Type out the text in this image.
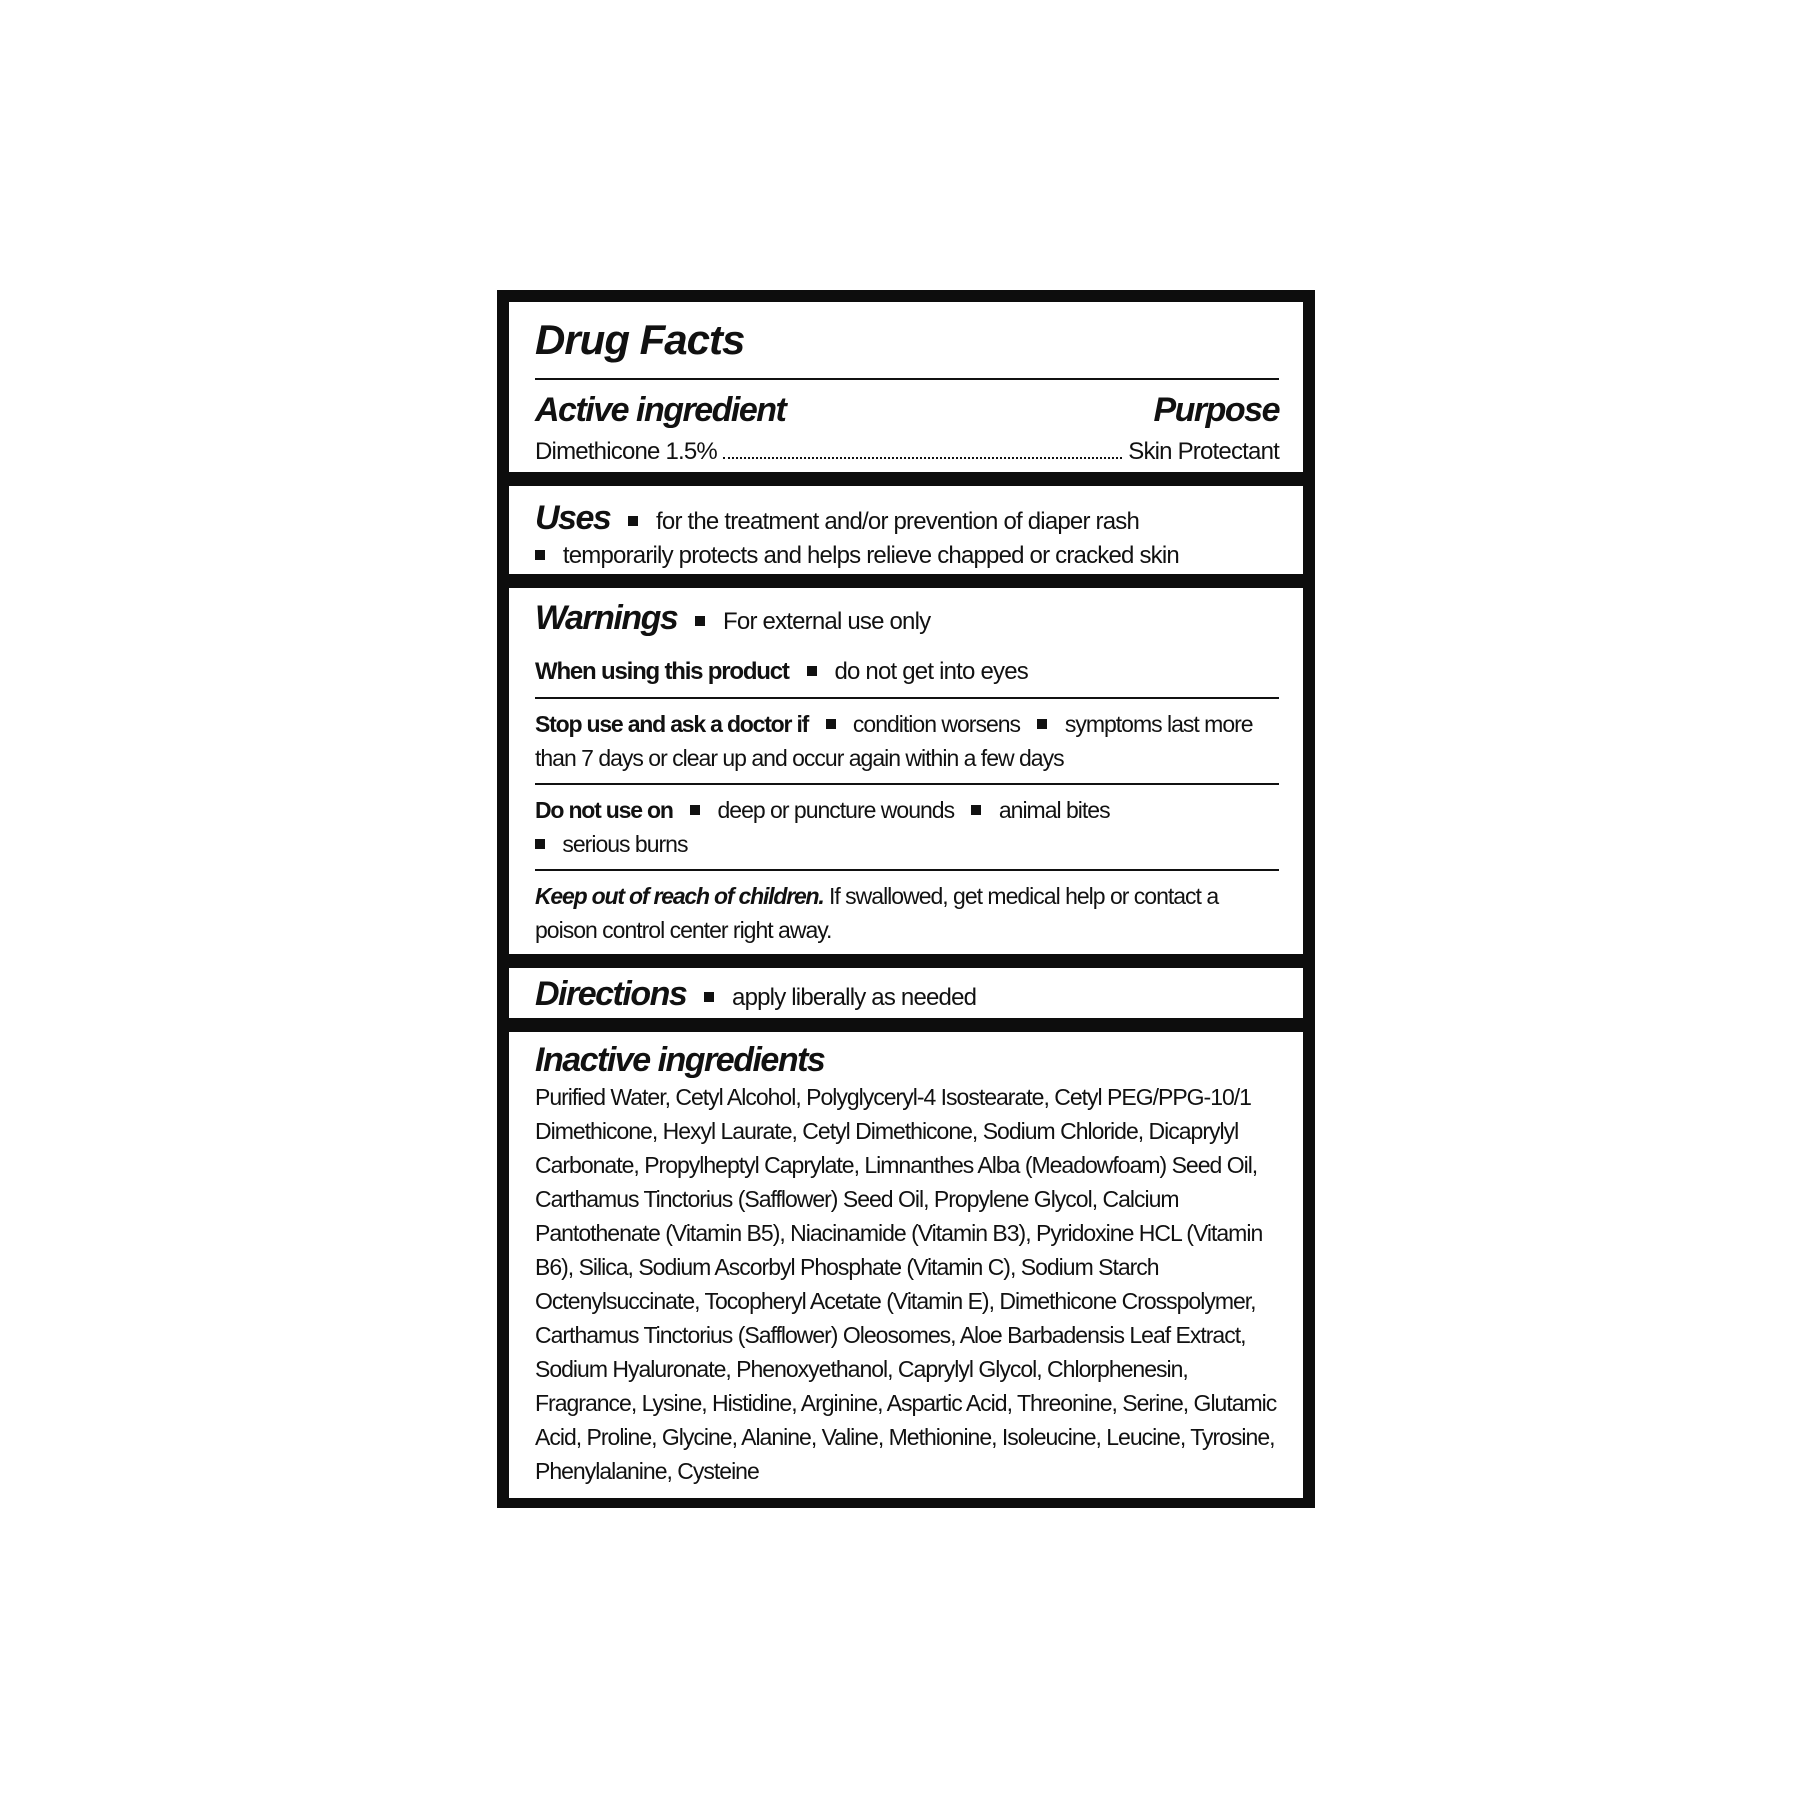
Drug Facts
Active ingredient	Purpose
Dimethicone 1.5%	Skin Protectant
Uses for the treatment and/or prevention of diaper rash
temporarily protects and helps relieve chapped or cracked skin
Warnings For external use only
When using this product do not get into eyes
Stop use and ask a doctor if condition worsens symptoms last more than 7 days or clear up and occur again within a few days
Do not use on deep or puncture wounds animal bites
serious burns
Keep out of reach of children. If swallowed, get medical help or contact a poison control center right away.
Directions apply liberally as needed
Inactive ingredients
Purified Water, Cetyl Alcohol, Polyglyceryl-4 Isostearate, Cetyl PEG/PPG-10/1 Dimethicone, Hexyl Laurate, Cetyl Dimethicone, Sodium Chloride, Dicaprylyl Carbonate, Propylheptyl Caprylate, Limnanthes Alba (Meadowfoam) Seed Oil, Carthamus Tinctorius (Safflower) Seed Oil, Propylene Glycol, Calcium Pantothenate (Vitamin B5), Niacinamide (Vitamin B3), Pyridoxine HCL (Vitamin B6), Silica, Sodium Ascorbyl Phosphate (Vitamin C), Sodium Starch Octenylsuccinate, Tocopheryl Acetate (Vitamin E), Dimethicone Crosspolymer, Carthamus Tinctorius (Safflower) Oleosomes, Aloe Barbadensis Leaf Extract, Sodium Hyaluronate, Phenoxyethanol, Caprylyl Glycol, Chlorphenesin, Fragrance, Lysine, Histidine, Arginine, Aspartic Acid, Threonine, Serine, Glutamic Acid, Proline, Glycine, Alanine, Valine, Methionine, Isoleucine, Leucine, Tyrosine, Phenylalanine, Cysteine
